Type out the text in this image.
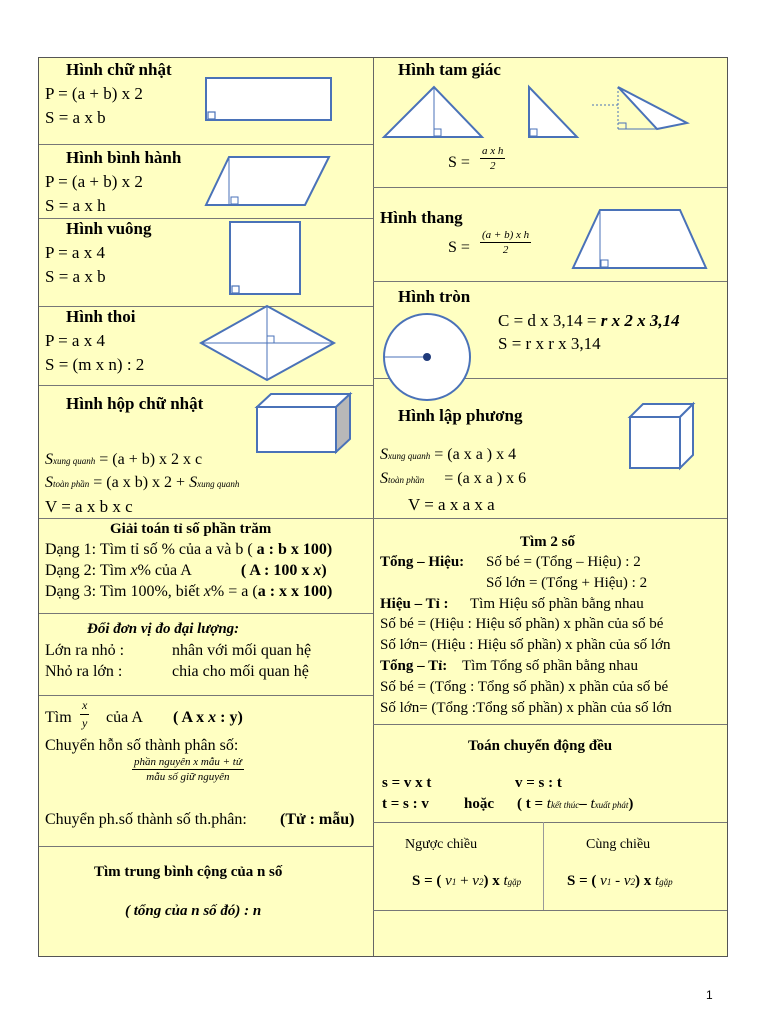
Hình chữ nhật
P = (a + b) x 2
S = a x b
Hình bình hành
P = (a + b) x 2
S = a x h
Hình vuông
P = a x 4
S = a x b
Hình thoi
P = a x 4
S = (m x n) : 2
Hình hộp chữ nhật
Sxung quanh = (a + b) x 2 x c
Stoàn phần = (a x b) x 2 + Sxung quanh
V = a x b x c
Giải toán tỉ số phần trăm
Dạng 1: Tìm tỉ số % của a và b ( a : b x 100)
Dạng 2: Tìm x% của A	( A : 100 x x)
Dạng 3: Tìm 100%, biết x% = a (a : x x 100)
Đổi đơn vị đo đại lượng:
Lớn ra nhỏ :	nhân với mối quan hệ
Nhỏ ra lớn :	chia cho mối quan hệ
Tìm $\frac{x}{y}$ của A ( A x x : y)
Chuyển hỗn số thành phân số:
phần nguyên x mẫu + tử
mẫu số giữ nguyên
Chuyển ph.số thành số th.phân: (Tử : mẫu)
Tìm trung bình cộng của n số
( tổng của n số đó) : n
Hình tam giác
$S = \frac{\text{a x h}}{2}$
Hình thang
$S = \frac{\text{(a + b) x h}}{2}$
Hình tròn
C = d x 3,14 = r x 2 x 3,14
S = r x r x 3,14
Hình lập phương
Sxung quanh = (a x a ) x 4
Stoàn phần = (a x a ) x 6
V = a x a x a
Tìm 2 số
Tổng – Hiệu: Số bé = (Tổng – Hiệu) : 2
Số lớn = (Tổng + Hiệu) : 2
Hiệu – Tỉ : Tìm Hiệu số phần bằng nhau
Số bé = (Hiệu : Hiệu số phần) x phần của số bé
Số lớn= (Hiệu : Hiệu số phần) x phần của số lớn
Tổng – Tỉ: Tìm Tổng số phần bằng nhau
Số bé = (Tổng : Tổng số phần) x phần của số bé
Số lớn= (Tổng :Tổng số phần) x phần của số lớn
Toán chuyển động đều
s = v x t	v = s : t
t = s : v hoặc ( t = tkết thúc– txuất phát)
Ngược chiều	Cùng chiều
S = ( v1 + v2) x tgặp	S = ( v1 - v2) x tgặp
1
